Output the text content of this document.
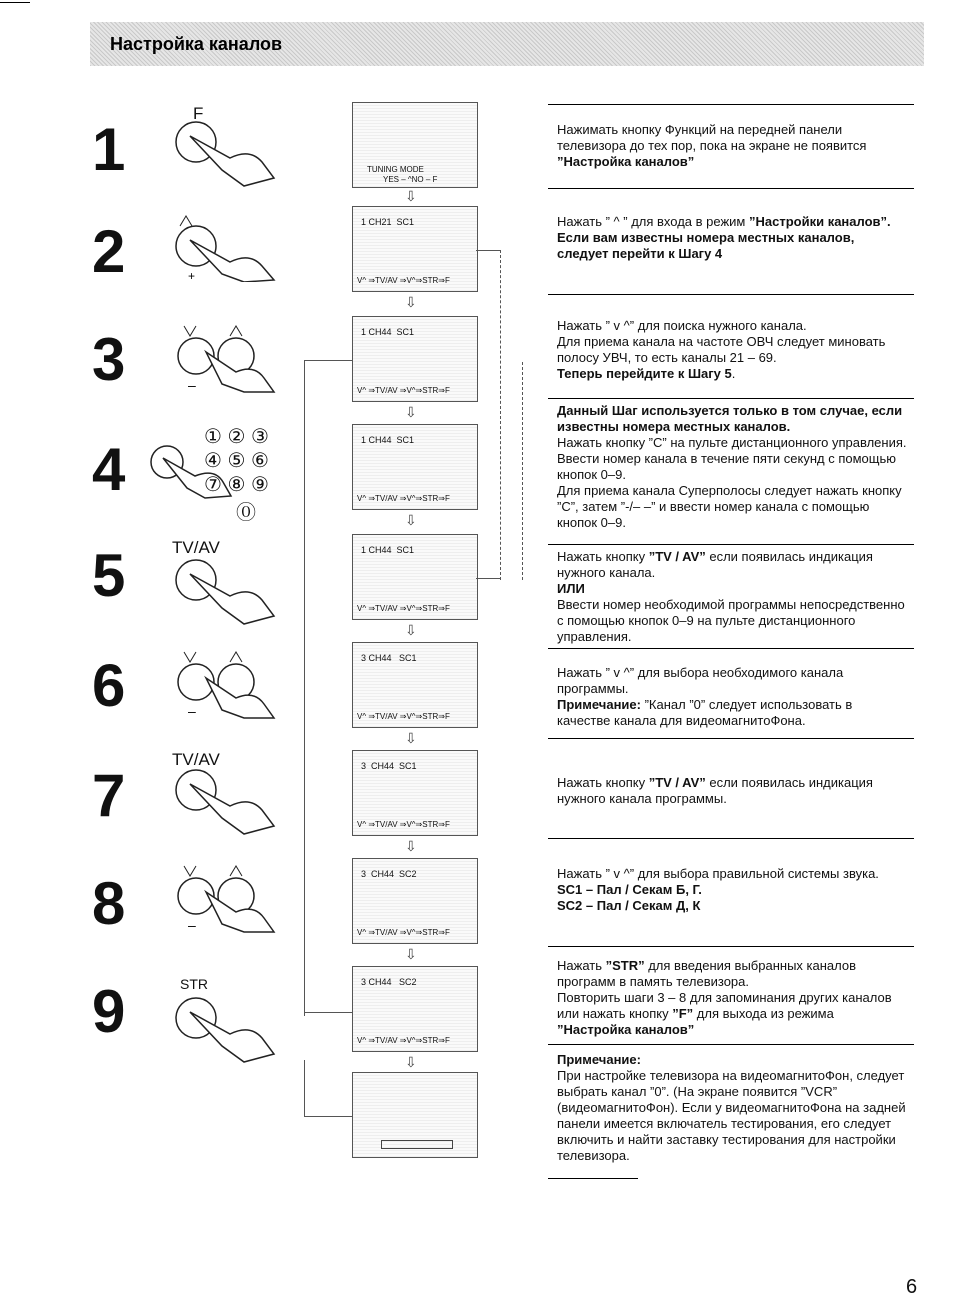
Настройка каналов
1
2
3
4
5
6
7
8
9
F
TV/AV
TV/AV
STR
+
–
① ② ③
④ ⑤ ⑥
⑦ ⑧ ⑨
⓪
–
–
TUNING MODE
YES – ^NO – F
⇩
1 CH21  SC1
V^ ⇒TV/AV ⇒V^⇒STR⇒F
⇩
1 CH44  SC1
V^ ⇒TV/AV ⇒V^⇒STR⇒F
⇩
1 CH44  SC1
V^ ⇒TV/AV ⇒V^⇒STR⇒F
⇩
1 CH44  SC1
V^ ⇒TV/AV ⇒V^⇒STR⇒F
⇩
3 CH44   SC1
V^ ⇒TV/AV ⇒V^⇒STR⇒F
⇩
3  CH44  SC1
V^ ⇒TV/AV ⇒V^⇒STR⇒F
⇩
3  CH44  SC2
V^ ⇒TV/AV ⇒V^⇒STR⇒F
⇩
3 CH44   SC2
V^ ⇒TV/AV ⇒V^⇒STR⇒F
⇩

Нажимать кнопку Функций на передней панели телевизора до тех пор, пока на экране не появится ”Настройка каналов”

Нажать ” ^ ” для входа в режим ”Настройки каналов”.

Если вам известны номера местных каналов, следует перейти к Шагу 4

Нажать ” v ^” для поиска нужного канала.

Для приема канала на частоте ОВЧ следует миновать полосу УВЧ, то есть каналы 21 – 69.

Теперь перейдите к Шагу 5.

Данный Шаг используется только в том случае, если известны номера местных каналов.

Нажать кнопку ”С” на пульте дистанционного управления.

Ввести номер канала в течение пяти секунд с помощью кнопок 0–9.

Для приема канала Суперполосы следует нажать кнопку ”С”, затем ”-/– –” и ввести номер канала с помощью кнопок 0–9.

Нажать кнопку ”TV / AV” если появилась индикация нужного канала.

ИЛИ

Ввести номер необходимой программы непосредственно с помощью кнопок 0–9 на пульте дистанционного управления.

Нажать ” v ^” для выбора необходимого канала программы.

Примечание: ”Канал ”0” следует использовать в качестве канала для видеомагнитоФона.

Нажать кнопку ”TV / AV” если появилась индикация нужного канала программы.

Нажать ” v ^” для выбора правильной системы звука.

SC1 – Пал / Секам Б, Г.

SC2 – Пал / Секам Д, К

Нажать ”STR” для введения выбранных каналов программ в память телевизора.

Повторить шаги 3 – 8 для запоминания других каналов или нажать кнопку ”F” для выхода из режима ”Настройка каналов”

Примечание:

При настройке телевизора на видеомагнитоФон, следует выбрать канал ”0”. (На экране появится ”VCR” (видеомагнитоФон). Если у видеомагнитоФона на задней панели имеется включатель тестирования, его следует включить и найти заставку тестирования для настройки телевизора.

6
